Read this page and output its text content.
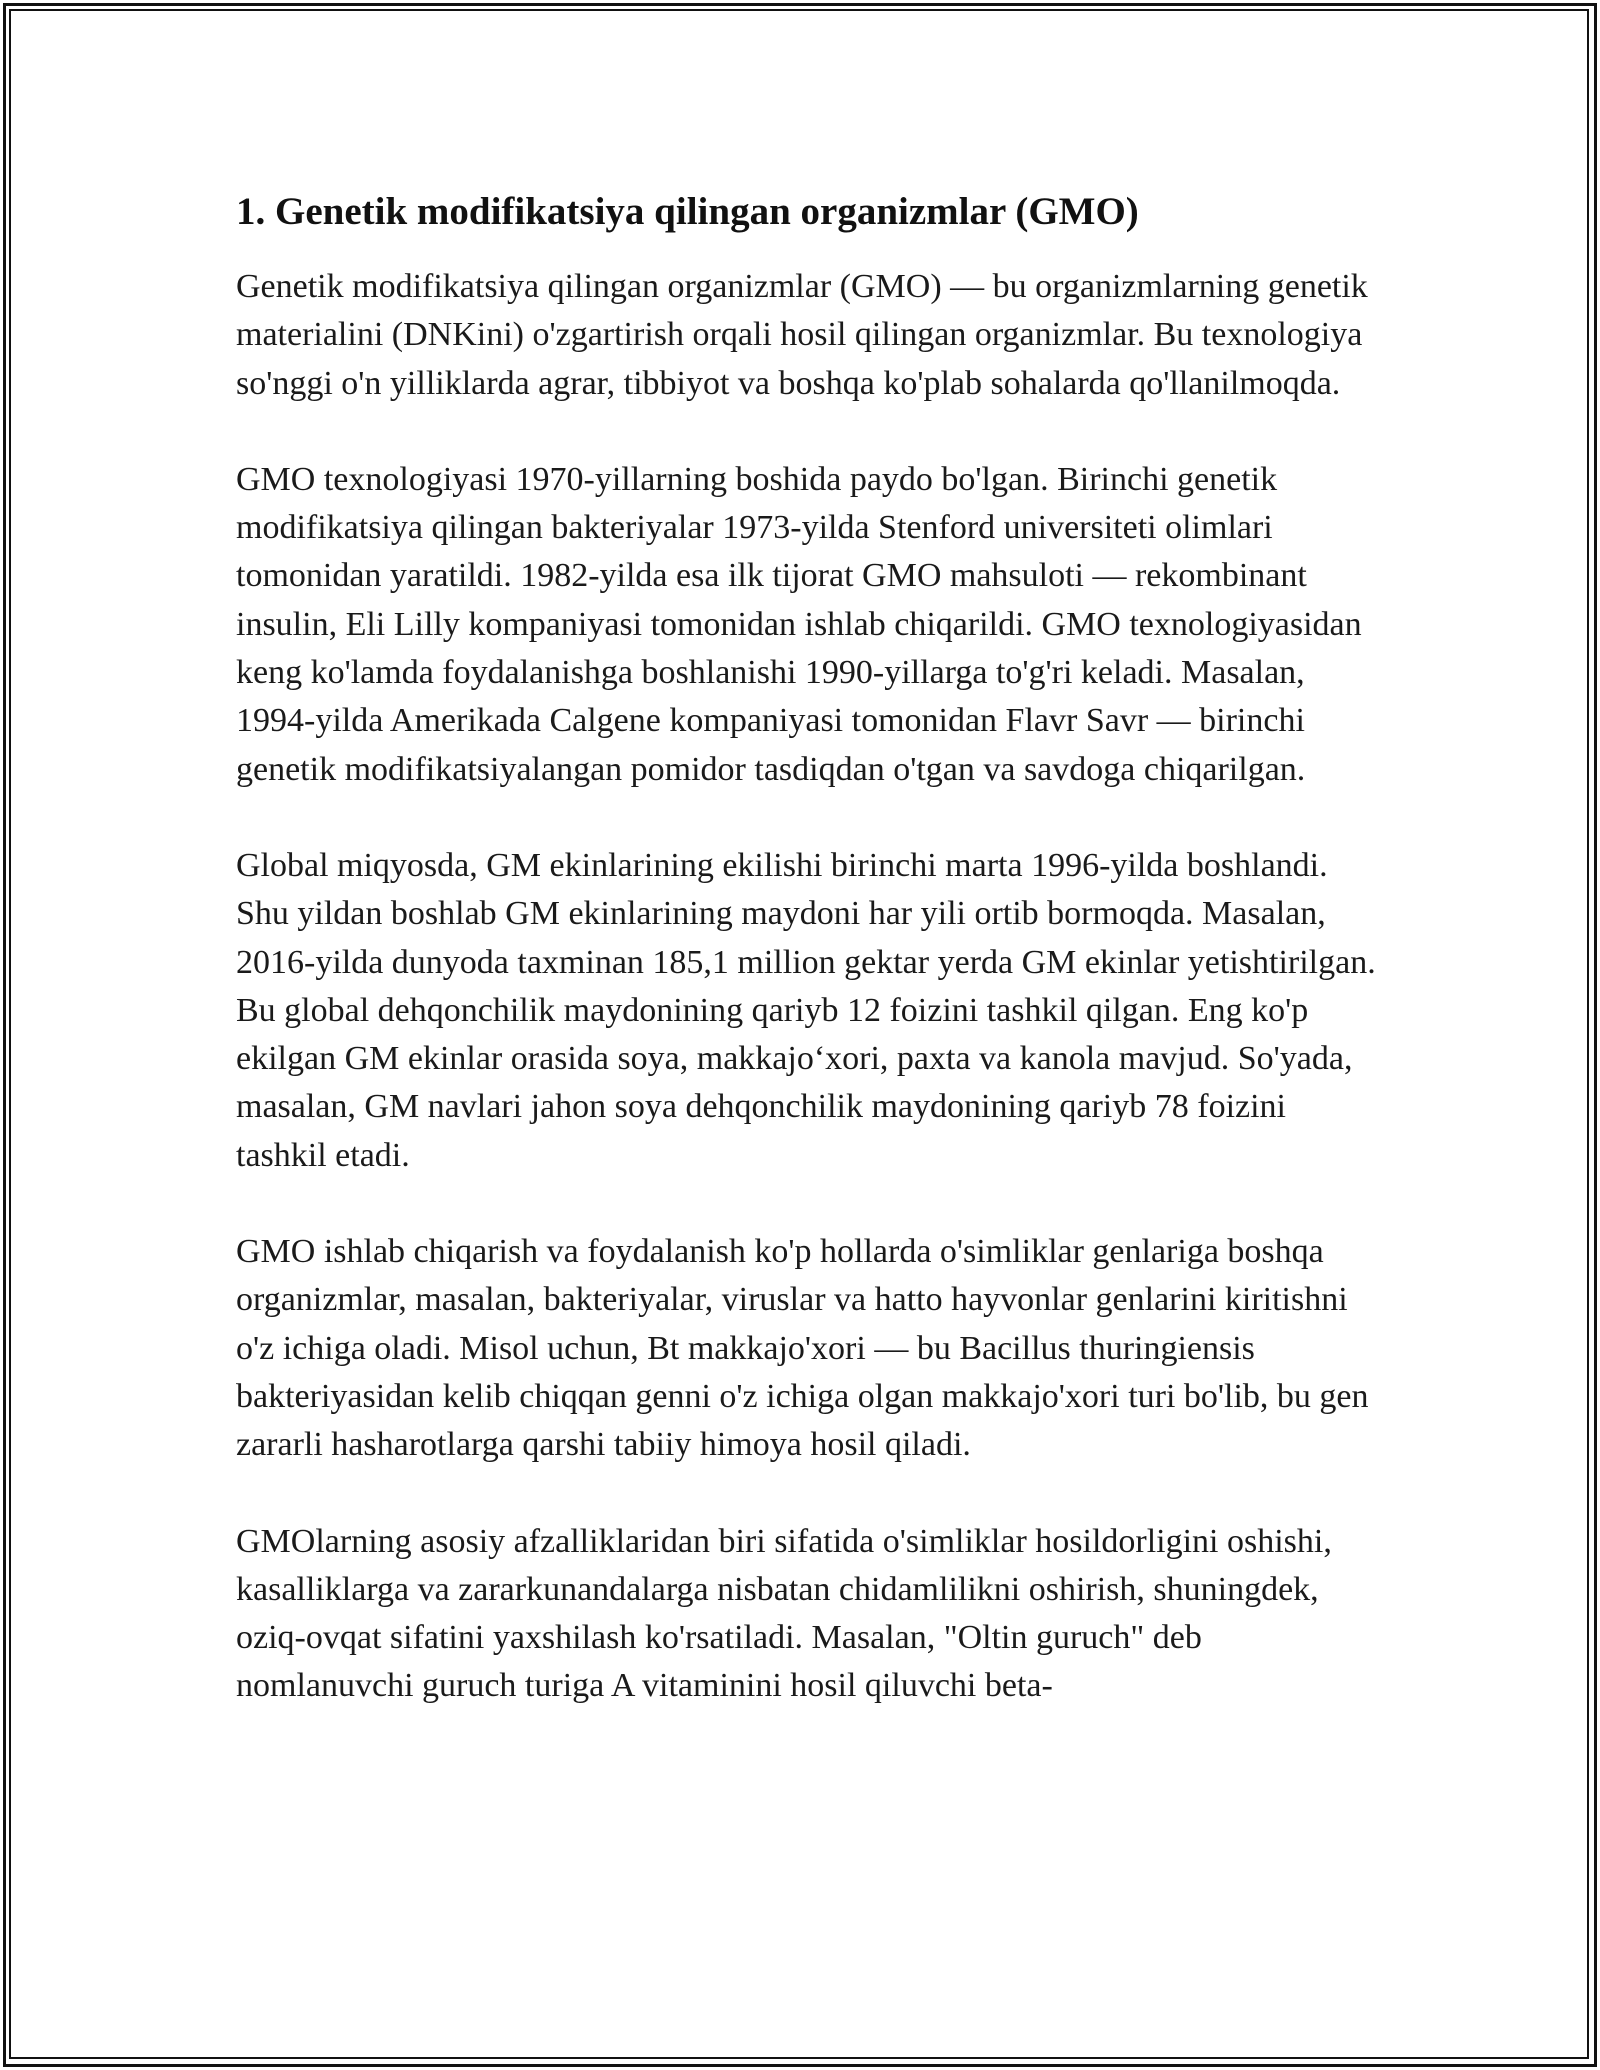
1. Genetik modifikatsiya qilingan organizmlar (GMO)

Genetik modifikatsiya qilingan organizmlar (GMO) — bu organizmlarning genetik materialini (DNKini) o'zgartirish orqali hosil qilingan organizmlar. Bu texnologiya so'nggi o'n yilliklarda agrar, tibbiyot va boshqa ko'plab sohalarda qo'llanilmoqda.

GMO texnologiyasi 1970-yillarning boshida paydo bo'lgan. Birinchi genetik modifikatsiya qilingan bakteriyalar 1973-yilda Stenford universiteti olimlari tomonidan yaratildi. 1982-yilda esa ilk tijorat GMO mahsuloti — rekombinant insulin, Eli Lilly kompaniyasi tomonidan ishlab chiqarildi. GMO texnologiyasidan keng ko'lamda foydalanishga boshlanishi 1990-yillarga to'g'ri keladi. Masalan, 1994-yilda Amerikada Calgene kompaniyasi tomonidan Flavr Savr — birinchi genetik modifikatsiyalangan pomidor tasdiqdan o'tgan va savdoga chiqarilgan.

Global miqyosda, GM ekinlarining ekilishi birinchi marta 1996-yilda boshlandi. Shu yildan boshlab GM ekinlarining maydoni har yili ortib bormoqda. Masalan, 2016-yilda dunyoda taxminan 185,1 million gektar yerda GM ekinlar yetishtirilgan. Bu global dehqonchilik maydonining qariyb 12 foizini tashkil qilgan. Eng ko'p ekilgan GM ekinlar orasida soya, makkajo‘xori, paxta va kanola mavjud. So'yada, masalan, GM navlari jahon soya dehqonchilik maydonining qariyb 78 foizini tashkil etadi.

GMO ishlab chiqarish va foydalanish ko'p hollarda o'simliklar genlariga boshqa organizmlar, masalan, bakteriyalar, viruslar va hatto hayvonlar genlarini kiritishni o'z ichiga oladi. Misol uchun, Bt makkajo'xori — bu Bacillus thuringiensis bakteriyasidan kelib chiqqan genni o'z ichiga olgan makkajo'xori turi bo'lib, bu gen zararli hasharotlarga qarshi tabiiy himoya hosil qiladi.

GMOlarning asosiy afzalliklaridan biri sifatida o'simliklar hosildorligini oshishi, kasalliklarga va zararkunandalarga nisbatan chidamlilikni oshirish, shuningdek, oziq-ovqat sifatini yaxshilash ko'rsatiladi. Masalan, "Oltin guruch" deb nomlanuvchi guruch turiga A vitaminini hosil qiluvchi beta-
